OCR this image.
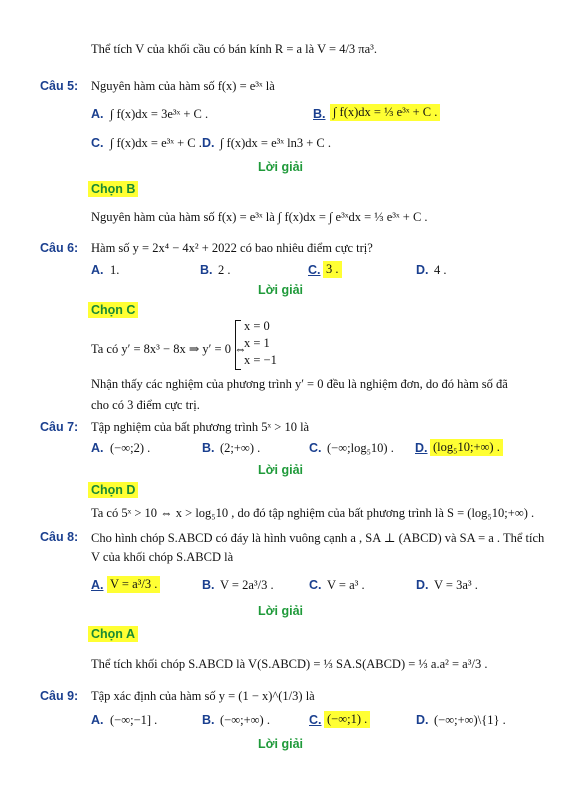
Thể tích V của khối cầu có bán kính R = a là V = 4/3 πa³.
Câu 5: Nguyên hàm của hàm số f(x) = e³ˣ là
A. ∫ f(x)dx = 3e³ˣ + C .	B. ∫ f(x)dx = ⅓ e³ˣ + C .
C. ∫ f(x)dx = e³ˣ + C . D. ∫ f(x)dx = e³ˣ ln3 + C .
Lời giải
Chọn B
Nguyên hàm của hàm số f(x) = e³ˣ là ∫ f(x)dx = ∫ e³ˣdx = ⅓ e³ˣ + C .
Câu 6: Hàm số y = 2x⁴ − 4x² + 2022 có bao nhiêu điểm cực trị?
A. 1.	B. 2 .	C. 3 .	D. 4 .
Lời giải
Chọn C
Ta có y′ = 8x³ − 8x ⇒ y′ = 0 ⇔
x = 0
x = 1
x = −1
Nhận thấy các nghiệm của phương trình y′ = 0 đều là nghiệm đơn, do đó hàm số đã
cho có 3 điểm cực trị.
Câu 7: Tập nghiệm của bất phương trình 5ˣ > 10 là
A. (−∞;2) .	B. (2;+∞) .	C. (−∞;log₅10) . D. (log₅10;+∞) .
Lời giải
Chọn D
Ta có 5ˣ > 10 ⇔ x > log₅10 , do đó tập nghiệm của bất phương trình là S = (log₅10;+∞) .
Câu 8: Cho hình chóp S.ABCD có đáy là hình vuông cạnh a , SA ⊥ (ABCD) và SA = a . Thể tích
V của khối chóp S.ABCD là
A. V = a³/3 .	B. V = 2a³/3 .	C. V = a³ .	D. V = 3a³ .
Lời giải
Chọn A
Thể tích khối chóp S.ABCD là V(S.ABCD) = ⅓ SA.S(ABCD) = ⅓ a.a² = a³/3 .
Câu 9: Tập xác định của hàm số y = (1 − x)^(1/3) là
A. (−∞;−1] .	B. (−∞;+∞) .	C. (−∞;1) .	D. (−∞;+∞)\{1} .
Lời giải
